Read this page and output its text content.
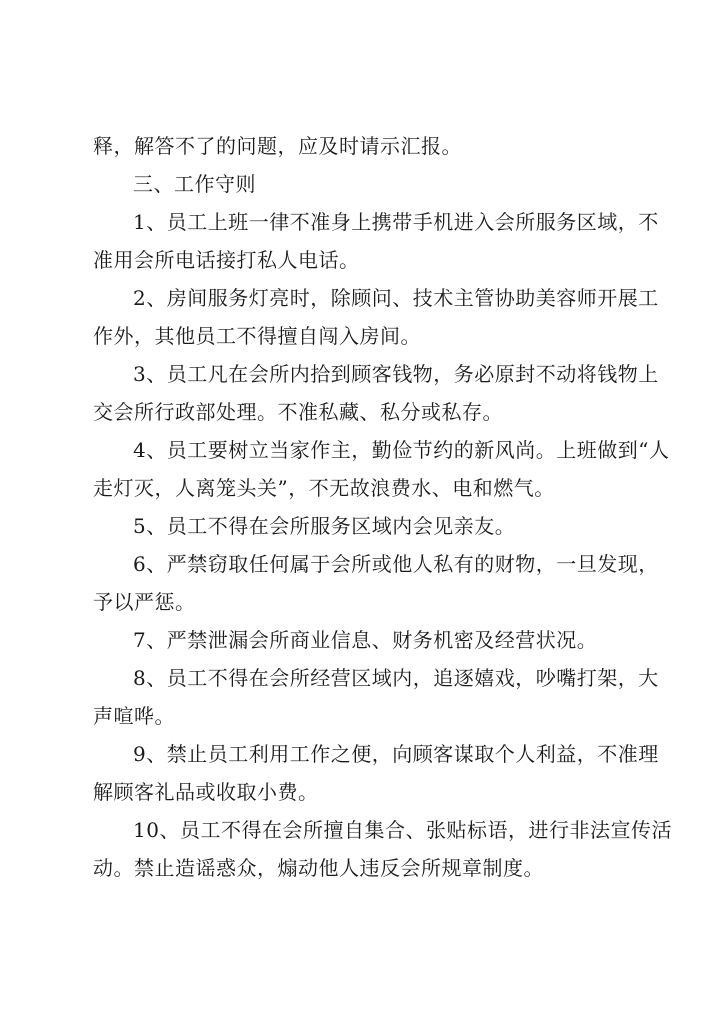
释，解答不了的问题，应及时请示汇报。
三、工作守则
1、员工上班一律不准身上携带手机进入会所服务区域，不
准用会所电话接打私人电话。
2、房间服务灯亮时，除顾问、技术主管协助美容师开展工
作外，其他员工不得擅自闯入房间。
3、员工凡在会所内拾到顾客钱物，务必原封不动将钱物上
交会所行政部处理。不准私藏、私分或私存。
4、员工要树立当家作主，勤俭节约的新风尚。上班做到“人
走灯灭，人离笼头关”，不无故浪费水、电和燃气。
5、员工不得在会所服务区域内会见亲友。
6、严禁窃取任何属于会所或他人私有的财物，一旦发现，
予以严惩。
7、严禁泄漏会所商业信息、财务机密及经营状况。
8、员工不得在会所经营区域内，追逐嬉戏，吵嘴打架，大
声喧哗。
9、禁止员工利用工作之便，向顾客谋取个人利益，不准理
解顾客礼品或收取小费。
10、员工不得在会所擅自集合、张贴标语，进行非法宣传活
动。禁止造谣惑众，煽动他人违反会所规章制度。
